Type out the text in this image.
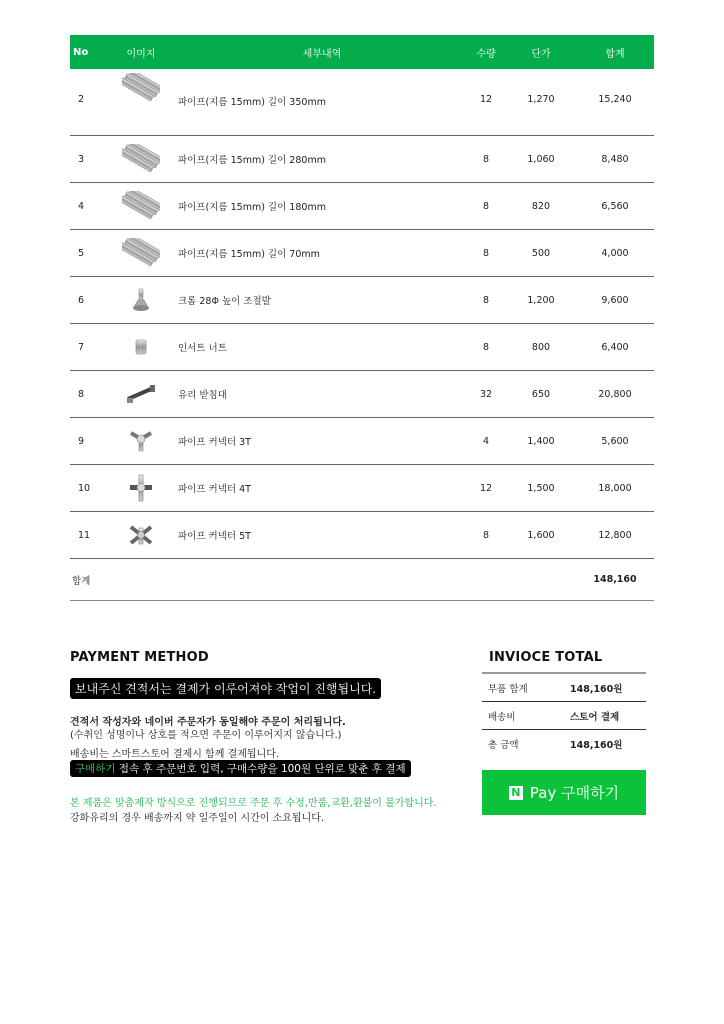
No	이미지	세부내역	수량	단가	합계
2	파이프(지름 15mm) 길이 350mm	12	1,270	15,240
3	파이프(지름 15mm) 길이 280mm	8	1,060	8,480
4	파이프(지름 15mm) 길이 180mm	8	820	6,560
5	파이프(지름 15mm) 길이 70mm	8	500	4,000
6	크롬 28Φ 높이 조절발	8	1,200	9,600
7	인서트 너트	8	800	6,400
8	유리 받침대	32	650	20,800
9	파이프 커넥터 3T	4	1,400	5,600
10	파이프 커넥터 4T	12	1,500	18,000
11	파이프 커넥터 5T	8	1,600	12,800
합계	148,160
PAYMENT METHOD
보내주신 견적서는 결제가 이루어져야 작업이 진행됩니다.
견적서 작성자와 네이버 주문자가 동일해야 주문이 처리됩니다.
(수취인 성명이나 상호를 적으면 주문이 이루어지지 않습니다.)
배송비는 스마트스토어 결제시 함께 결제됩니다.
구매하기 접속 후 주문번호 입력, 구매수량을 100원 단위로 맞춘 후 결제
본 제품은 맞춤제작 방식으로 진행되므로 주문 후 수정,반품,교환,환불이 불가합니다.
강화유리의 경우 배송까지 약 일주일이 시간이 소요됩니다.
INVIOCE TOTAL
부품 합계	148,160원
배송비	스토어 결제
총 금액	148,160원
N Pay 구매하기
